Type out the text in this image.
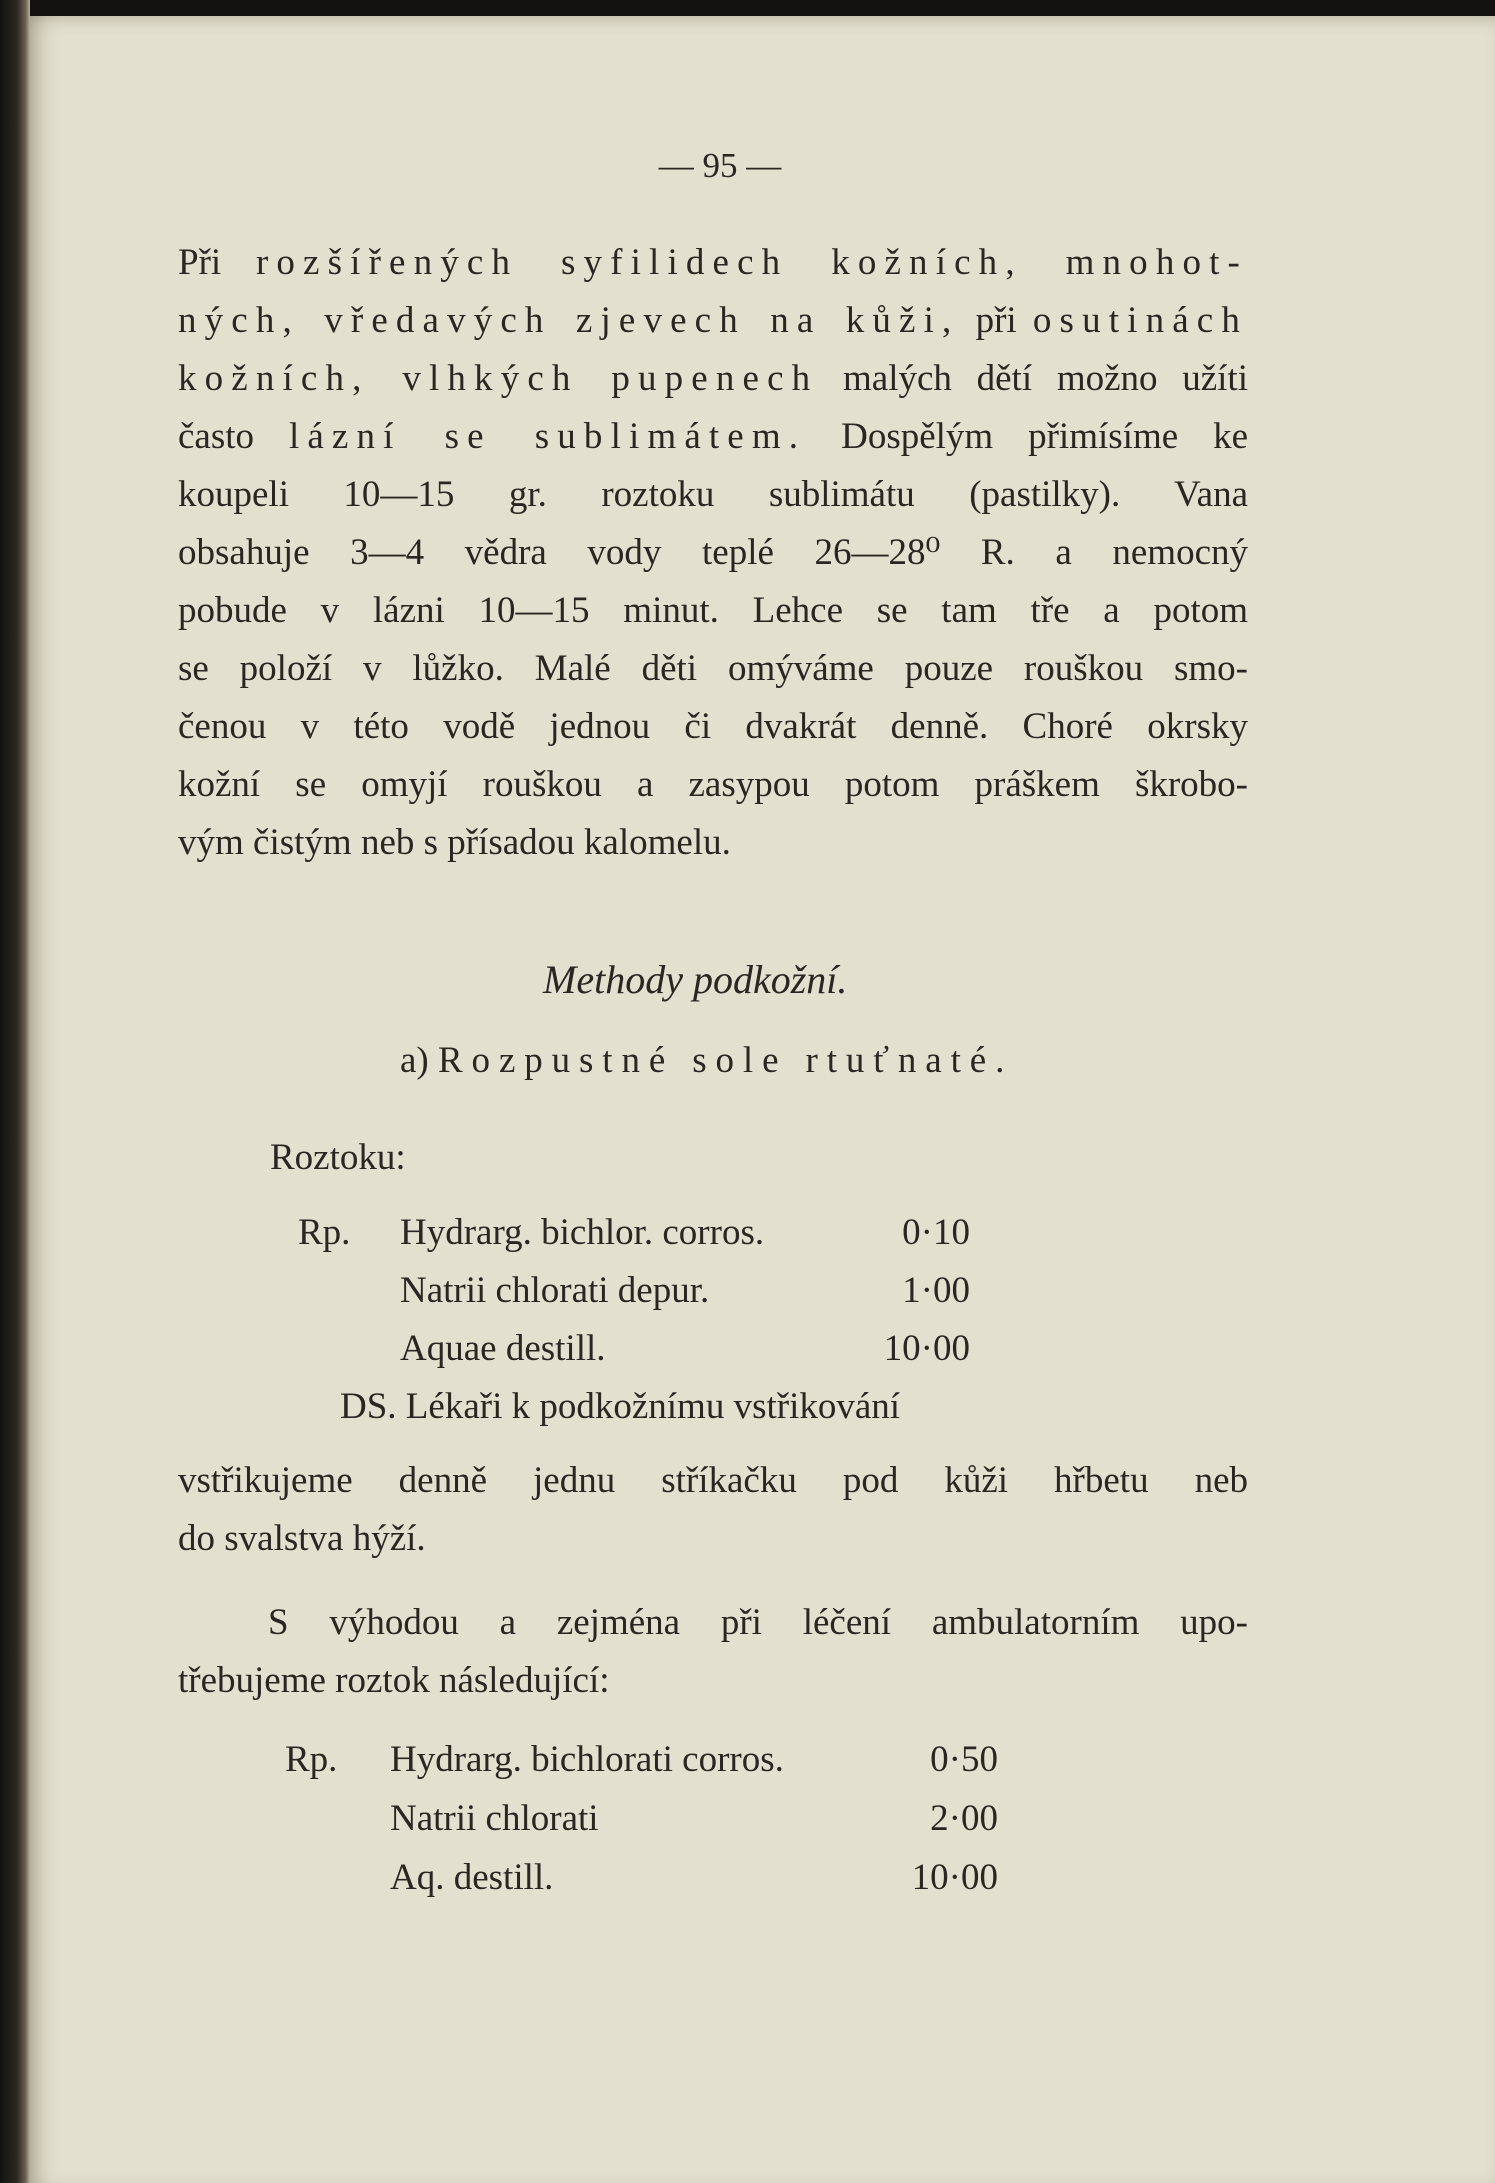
— 95 —
Při rozšířených syfilidech kožních, mnohot-
ných, vředavých zjevech na kůži, při osutinách
kožních, vlhkých pupenech malých dětí možno užíti
často lázní se sublimátem. Dospělým přimísíme ke
koupeli 10—15 gr. roztoku sublimátu (pastilky). Vana
obsahuje 3—4 vědra vody teplé 26—28⁰ R. a nemocný
pobude v lázni 10—15 minut. Lehce se tam tře a potom
se položí v lůžko. Malé děti omýváme pouze rouškou smo-
čenou v této vodě jednou či dvakrát denně. Choré okrsky
kožní se omyjí rouškou a zasypou potom práškem škrobo-
vým čistým neb s přísadou kalomelu.
Methody podkožní.
a) Rozpustné sole rtuťnaté.
Roztoku:
Rp. Hydrarg. bichlor. corros.	0·10
Natrii chlorati depur.	1·00
Aquae destill.	10·00
DS. Lékaři k podkožnímu vstřikování
vstřikujeme denně jednu stříkačku pod kůži hřbetu neb
do svalstva hýží.
S výhodou a zejména při léčení ambulatorním upo-
třebujeme roztok následující:
Rp. Hydrarg. bichlorati corros.	0·50
Natrii chlorati	2·00
Aq. destill.	10·00
